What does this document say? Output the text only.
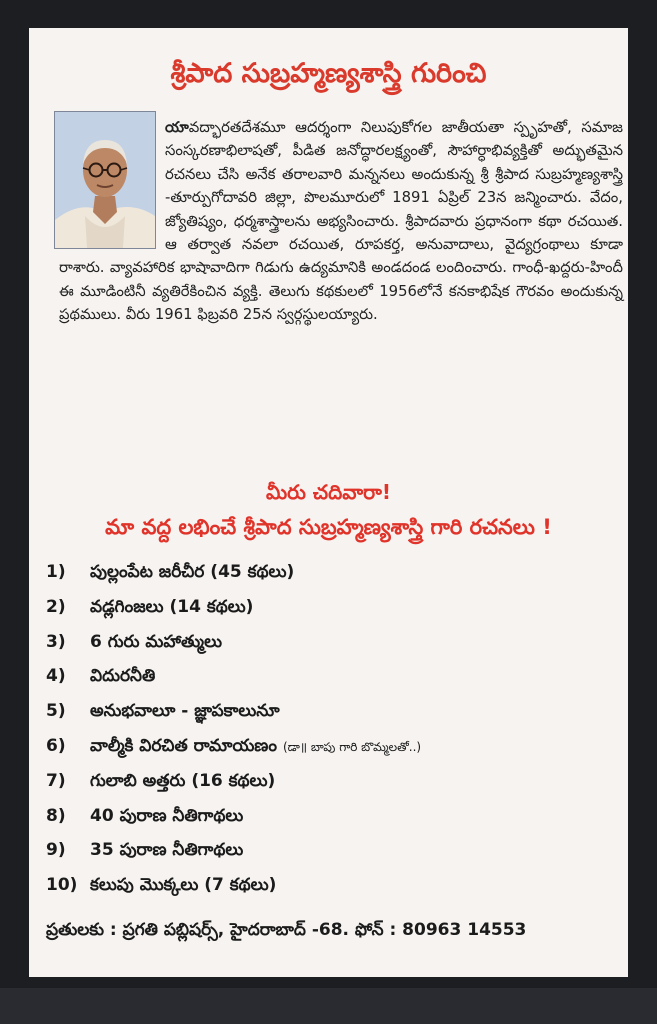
శ్రీపాద సుబ్రహ్మణ్యశాస్త్రి గురించి
యావద్భారతదేశమూ ఆదర్శంగా నిలుపుకోగల జాతీయతా స్పృహతో, సమాజ సంస్కరణాభిలాషతో, పీడిత జనోద్ధారలక్ష్యంతో, సౌహార్ధాభివ్యక్తితో అద్భుతమైన రచనలు చేసి అనేక తరాలవారి మన్ననలు అందుకున్న శ్రీ శ్రీపాద సుబ్రహ్మణ్యశాస్త్రి -తూర్పుగోదావరి జిల్లా, పొలమూరులో 1891 ఏప్రిల్ 23న జన్మించారు. వేదం, జ్యోతిష్యం, ధర్మశాస్త్రాలను అభ్యసించారు. శ్రీపాదవారు ప్రధానంగా కథా రచయిత. ఆ తర్వాత నవలా రచయిత, రూపకర్త, అనువాదాలు, వైద్యగ్రంథాలు కూడా రాశారు. వ్యావహారిక భాషావాదిగా గిడుగు ఉద్యమానికి అండదండ లందించారు. గాంధీ-ఖద్దరు-హిందీ ఈ మూడింటినీ వ్యతిరేకించిన వ్యక్తి. తెలుగు కథకులలో 1956లోనే కనకాభిషేక గౌరవం అందుకున్న ప్రథములు. వీరు 1961 ఫిబ్రవరి 25న స్వర్గస్థులయ్యారు.
మీరు చదివారా!
మా వద్ద లభించే శ్రీపాద సుబ్రహ్మణ్యశాస్త్రి గారి రచనలు !
1) పుల్లంపేట జరీచీర (45 కథలు)
2) వడ్లగింజలు (14 కథలు)
3) 6 గురు మహాత్ములు
4) విదురనీతి
5) అనుభవాలూ - జ్ఞాపకాలునూ
6) వాల్మీకి విరచిత రామాయణం (డా॥ బాపు గారి బొమ్మలతో..)
7) గులాబి అత్తరు (16 కథలు)
8) 40 పురాణ నీతిగాథలు
9) 35 పురాణ నీతిగాథలు
10) కలుపు మొక్కలు (7 కథలు)
ప్రతులకు : ప్రగతి పబ్లిషర్స్, హైదరాబాద్ -68. ఫోన్ : 80963 14553
